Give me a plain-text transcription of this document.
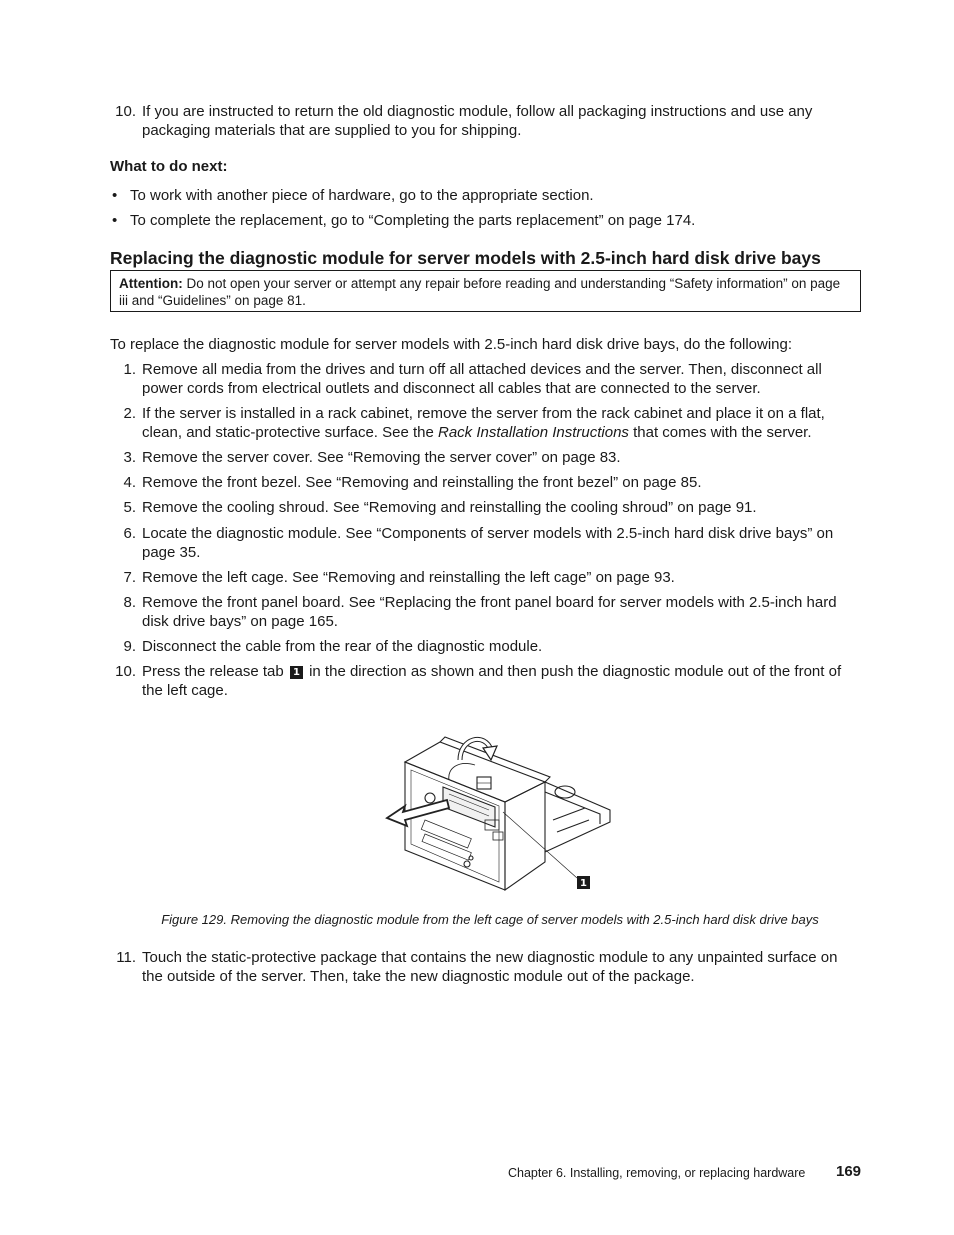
10. If you are instructed to return the old diagnostic module, follow all packaging instructions and use any packaging materials that are supplied to you for shipping.
What to do next:
• To work with another piece of hardware, go to the appropriate section.
• To complete the replacement, go to “Completing the parts replacement” on page 174.
Replacing the diagnostic module for server models with 2.5-inch hard disk drive bays
Attention: Do not open your server or attempt any repair before reading and understanding “Safety information” on page iii and “Guidelines” on page 81.
To replace the diagnostic module for server models with 2.5-inch hard disk drive bays, do the following:
1. Remove all media from the drives and turn off all attached devices and the server. Then, disconnect all power cords from electrical outlets and disconnect all cables that are connected to the server.
2. If the server is installed in a rack cabinet, remove the server from the rack cabinet and place it on a flat, clean, and static-protective surface. See the Rack Installation Instructions that comes with the server.
3. Remove the server cover. See “Removing the server cover” on page 83.
4. Remove the front bezel. See “Removing and reinstalling the front bezel” on page 85.
5. Remove the cooling shroud. See “Removing and reinstalling the cooling shroud” on page 91.
6. Locate the diagnostic module. See “Components of server models with 2.5-inch hard disk drive bays” on page 35.
7. Remove the left cage. See “Removing and reinstalling the left cage” on page 93.
8. Remove the front panel board. See “Replacing the front panel board for server models with 2.5-inch hard disk drive bays” on page 165.
9. Disconnect the cable from the rear of the diagnostic module.
10. Press the release tab 1 in the direction as shown and then push the diagnostic module out of the front of the left cage.
1
Figure 129. Removing the diagnostic module from the left cage of server models with 2.5-inch hard disk drive bays
11. Touch the static-protective package that contains the new diagnostic module to any unpainted surface on the outside of the server. Then, take the new diagnostic module out of the package.
Chapter 6. Installing, removing, or replacing hardware 169
